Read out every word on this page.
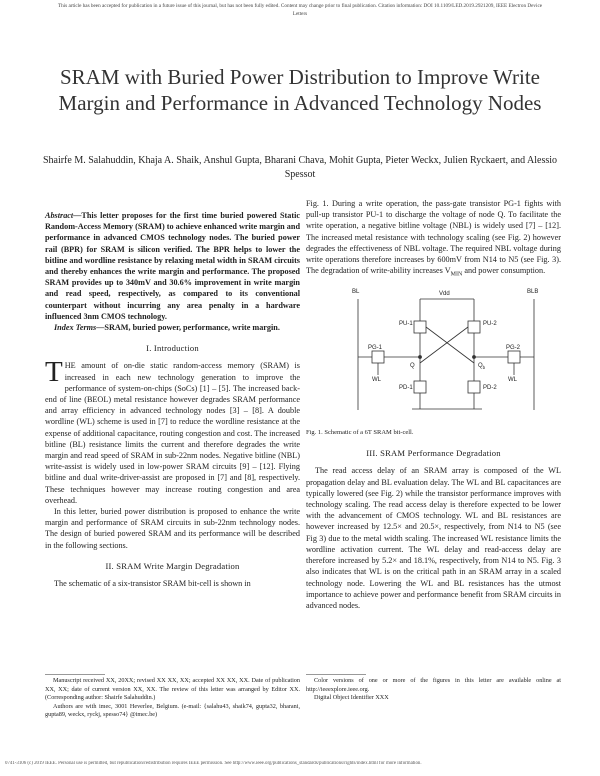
This article has been accepted for publication in a future issue of this journal, but has not been fully edited. Content may change prior to final publication. Citation information: DOI 10.1109/LED.2019.2921209, IEEE Electron Device Letters
SRAM with Buried Power Distribution to Improve Write Margin and Performance in Advanced Technology Nodes
Shairfe M. Salahuddin, Khaja A. Shaik, Anshul Gupta, Bharani Chava, Mohit Gupta, Pieter Weckx, Julien Ryckaert, and Alessio Spessot

Abstract—This letter proposes for the first time buried powered Static Random-Access Memory (SRAM) to achieve enhanced write margin and performance in advanced CMOS technology nodes. The buried power rail (BPR) for SRAM is silicon verified. The BPR helps to lower the bitline and wordline resistance by relaxing metal width in SRAM circuits and thereby enhances the write margin and performance. The proposed SRAM provides up to 340mV and 30.6% improvement in write margin and read speed, respectively, as compared to its conventional counterpart without incurring any area penalty in a hardware influenced 3nm CMOS technology.

Index Terms—SRAM, buried power, performance, write margin.

I. Introduction

THE amount of on-die static random-access memory (SRAM) is increased in each new technology generation to improve the performance of system-on-chips (SoCs) [1] – [5]. The increased back-end of line (BEOL) metal resistance however degrades SRAM performance and array efficiency in advanced technology nodes [3] – [8]. A double wordline (WL) scheme is used in [7] to reduce the wordline resistance at the expense of additional capacitance, routing congestion and cost. The increased bitline (BL) resistance limits the current and therefore degrades the write margin and read speed of SRAM in sub-22nm nodes. Negative bitline (NBL) write-assist is widely used in low-power SRAM circuits [9] – [12]. Flying bitline and dual write-driver-assist are proposed in [7] and [8], respectively. These techniques however may increase routing congestion and area overhead.

In this letter, buried power distribution is proposed to enhance the write margin and performance of SRAM circuits in sub-22nm technology nodes. The design of buried powered SRAM and its performance will be described in the following sections.

II. SRAM Write Margin Degradation

The schematic of a six-transistor SRAM bit-cell is shown in

Fig. 1. During a write operation, the pass-gate transistor PG-1 fights with pull-up transistor PU-1 to discharge the voltage of node Q. To facilitate the write operation, a negative bitline voltage (NBL) is widely used [7] – [12]. The increased metal resistance with technology scaling (see Fig. 2) however degrades the effectiveness of NBL voltage. The required NBL voltage during write operations therefore increases by 600mV from N14 to N5 (see Fig. 3). The degradation of write-ability increases $V_{MIN}$ and power consumption.

BL	BLB
Vdd
PU-1	PU-2
PG-1	PG-2
Q	$Q_b$
PD-1	PD-2
WL	WL
Fig. 1. Schematic of a 6T SRAM bit-cell.
III. SRAM Performance Degradation

The read access delay of an SRAM array is composed of the WL propagation delay and BL evaluation delay. The WL and BL capacitances are typically lowered (see Fig. 2) while the transistor performance improves with technology scaling. The read access delay is therefore expected to be lower with the advancement of CMOS technology. WL and BL resistances are however increased by 12.5× and 20.5×, respectively, from N14 to N5 (see Fig 3) due to the metal width scaling. The increased WL resistance limits the wordline activation current. The WL delay and read-access delay are therefore increased by 5.2× and 18.1%, respectively, from N14 to N5. Fig. 3 also indicates that WL is on the critical path in an SRAM array in a scaled technology node. Lowering the WL and BL resistances has the utmost importance to achieve power and performance benefit from SRAM circuits in advanced nodes.

Manuscript received XX, 20XX; revised XX XX, XX; accepted XX XX, XX. Date of publication XX, XX; date of current version XX, XX. The review of this letter was arranged by Editor XX. (Corresponding author: Shairfe Salahuddin.)
Authors are with imec, 3001 Heverlee, Belgium. (e-mail: {salahu43, shaik74, gupta32, bharani, gupta89, weckx, ryckj, spesso74} @imec.be)
Color versions of one or more of the figures in this letter are available online at http://ieeexplore.ieee.org.
Digital Object Identifier XXX
0741-3106 (c) 2019 IEEE. Personal use is permitted, but republication/redistribution requires IEEE permission. See http://www.ieee.org/publications_standards/publications/rights/index.html for more information.
